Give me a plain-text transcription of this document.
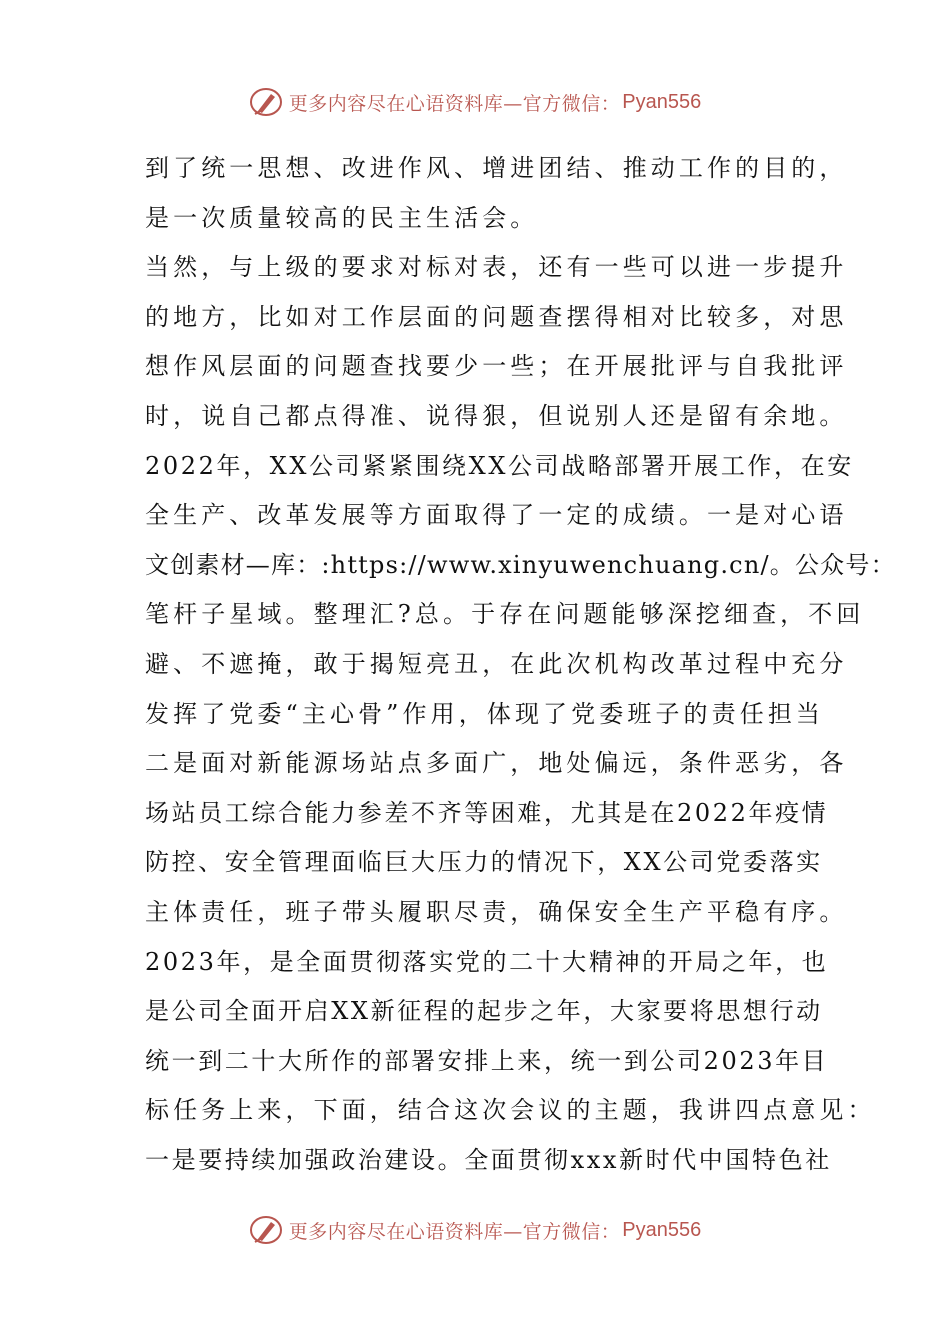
更多内容尽在心语资料库—官方微信： Pyan556
到了统一思想、改进作风、增进团结、推动工作的目的，
是一次质量较高的民主生活会。
当然，与上级的要求对标对表，还有一些可以进一步提升
的地方，比如对工作层面的问题查摆得相对比较多，对思
想作风层面的问题查找要少一些；在开展批评与自我批评
时，说自己都点得准、说得狠，但说别人还是留有余地。
2022年，XX公司紧紧围绕XX公司战略部署开展工作，在安
全生产、改革发展等方面取得了一定的成绩。一是对心语
文创素材—库：:https://www.xinyuwenchuang.cn/。公众号：
笔杆子星域。整理汇?总。于存在问题能够深挖细查，不回
避、不遮掩，敢于揭短亮丑，在此次机构改革过程中充分
发挥了党委“主心骨”作用，体现了党委班子的责任担当
二是面对新能源场站点多面广，地处偏远，条件恶劣，各
场站员工综合能力参差不齐等困难，尤其是在2022年疫情
防控、安全管理面临巨大压力的情况下，XX公司党委落实
主体责任，班子带头履职尽责，确保安全生产平稳有序。
2023年，是全面贯彻落实党的二十大精神的开局之年，也
是公司全面开启XX新征程的起步之年，大家要将思想行动
统一到二十大所作的部署安排上来，统一到公司2023年目
标任务上来，下面，结合这次会议的主题，我讲四点意见：
一是要持续加强政治建设。全面贯彻xxx新时代中国特色社
更多内容尽在心语资料库—官方微信： Pyan556
